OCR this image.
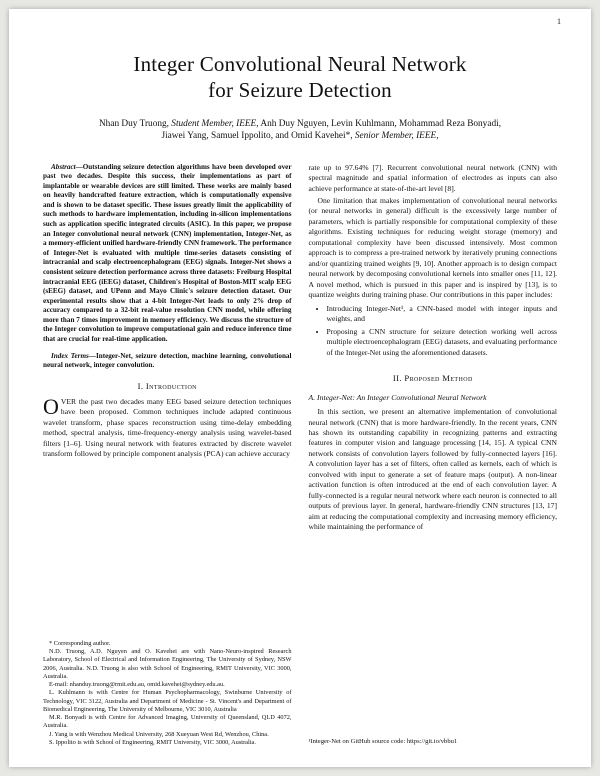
1
Integer Convolutional Neural Network
for Seizure Detection
Nhan Duy Truong, Student Member, IEEE, Anh Duy Nguyen, Levin Kuhlmann, Mohammad Reza Bonyadi,
Jiawei Yang, Samuel Ippolito, and Omid Kavehei*, Senior Member, IEEE,

Abstract—Outstanding seizure detection algorithms have been developed over past two decades. Despite this success, their implementations as part of implantable or wearable devices are still limited. These works are mainly based on heavily handcrafted feature extraction, which is computationally expensive and is shown to be dataset specific. These issues greatly limit the applicability of such methods to hardware implementation, including in-silicon implementations such as application specific integrated circuits (ASIC). In this paper, we propose an Integer convolutional neural network (CNN) implementation, Integer-Net, as a memory-efficient unified hardware-friendly CNN framework. The performance of Integer-Net is evaluated with multiple time-series datasets consisting of intracranial and scalp electroencephalogram (EEG) signals. Integer-Net shows a consistent seizure detection performance across three datasets: Freiburg Hospital intracranial EEG (iEEG) dataset, Children's Hospital of Boston-MIT scalp EEG (sEEG) dataset, and UPenn and Mayo Clinic's seizure detection dataset. Our experimental results show that a 4-bit Integer-Net leads to only 2% drop of accuracy compared to a 32-bit real-value resolution CNN model, while offering more than 7 times improvement in memory efficiency. We discuss the structure of the Integer convolution to improve computational gain and reduce inference time that are crucial for real-time application.

Index Terms—Integer-Net, seizure detection, machine learning, convolutional neural network, integer convolution.

I. Introduction

OVER the past two decades many EEG based seizure detection techniques have been proposed. Common techniques include adapted continuous wavelet transform, phase spaces reconstruction using time-delay embedding method, spectral analysis, time-frequency-energy analysis using wavelet-based filters [1–6]. Using neural network with features extracted by discrete wavelet transform followed by principle component analysis (PCA) can achieve accuracy

* Corresponding author.

N.D. Truong, A.D. Nguyen and O. Kavehei are with Nano-Neuro-inspired Research Laboratory, School of Electrical and Information Engineering, The University of Sydney, NSW 2006, Australia. N.D. Truong is also with School of Engineering, RMIT University, VIC 3000, Australia.

E-mail: nhanduy.truong@rmit.edu.au, omid.kavehei@sydney.edu.au.

L. Kuhlmann is with Centre for Human Psychopharmacology, Swinburne University of Technology, VIC 3122, Australia and Department of Medicine - St. Vincent's and Department of Biomedical Engineering, The University of Melbourne, VIC 3010, Australia

M.R. Bonyadi is with Centre for Advanced Imaging, University of Queensland, QLD 4072, Australia.

J. Yang is with Wenzhou Medical University, 268 Xueyuan West Rd, Wenzhou, China.

S. Ippolito is with School of Engineering, RMIT University, VIC 3000, Australia.

rate up to 97.64% [7]. Recurrent convolutional neural network (CNN) with spectral magnitude and spatial information of electrodes as inputs can also achieve performance at state-of-the-art level [8].

One limitation that makes implementation of convolutional neural networks (or neural networks in general) difficult is the excessively large number of parameters, which is partially responsible for computational complexity of these algorithms. Existing techniques for reducing weight storage (memory) and computational complexity have been discussed intensively. Most common approach is to compress a pre-trained network by iteratively pruning connections and/or quantizing trained weights [9, 10]. Another approach is to design compact neural network by decomposing convolutional kernels into smaller ones [11, 12]. A novel method, which is pursued in this paper and is inspired by [13], is to quantize weights during training phase. Our contributions in this paper includes:

• Introducing Integer-Net¹, a CNN-based model with integer inputs and weights, and
• Proposing a CNN structure for seizure detection working well across multiple electroencephalogram (EEG) datasets, and evaluating performance of the Integer-Net using the aforementioned datasets.
II. Proposed Method
A. Integer-Net: An Integer Convolutional Neural Network

In this section, we present an alternative implementation of convolutional neural network (CNN) that is more hardware-friendly. In the recent years, CNN has shown its outstanding capability in recognizing patterns and extracting features in computer vision and language processing [14, 15]. A typical CNN network consists of convolution layers followed by fully-connected layers [16]. A convolution layer has a set of filters, often called as kernels, each of which is convolved with input to generate a set of feature maps (output). A non-linear activation function is often introduced at the end of each convolution layer. A fully-connected is a regular neural network where each neuron is connected to all outputs of previous layer. In general, hardware-friendly CNN structures [13, 17] aim at reducing the computational complexity and increasing memory efficiency, while maintaining the performance of

¹Integer-Net on GitHub source code: https://git.io/vbbu1
